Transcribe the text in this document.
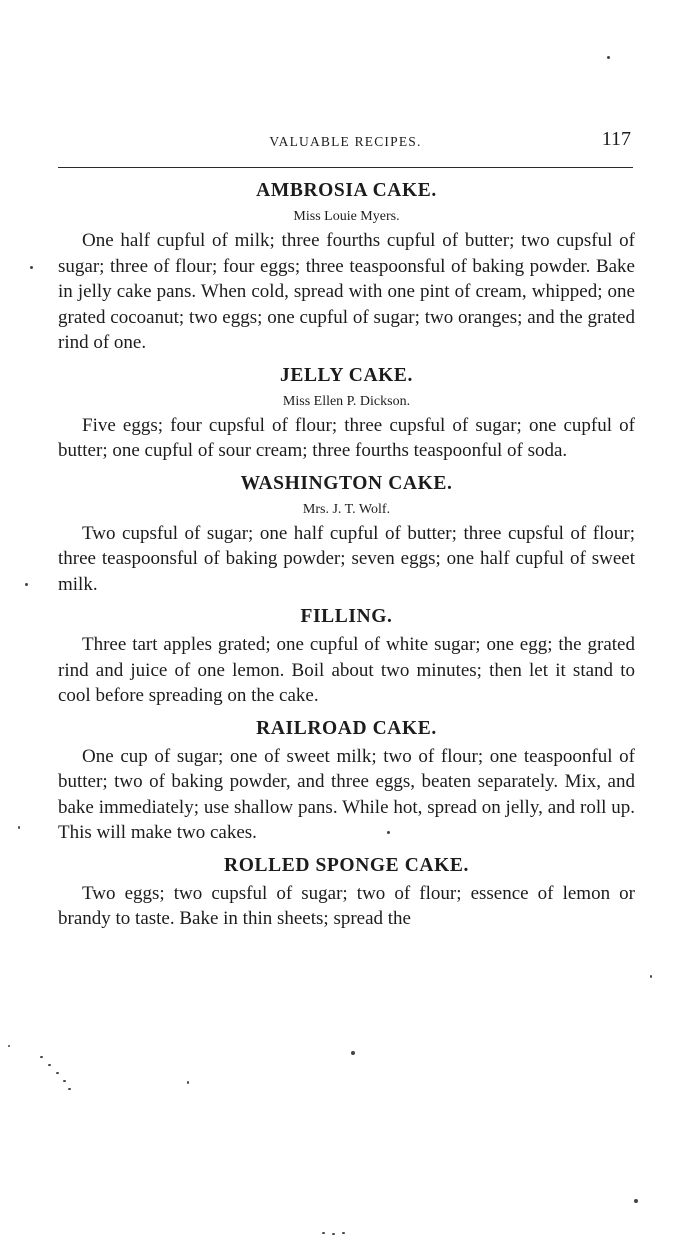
VALUABLE RECIPES.	117
AMBROSIA CAKE.

Miss Louie Myers.

One half cupful of milk; three fourths cupful of butter; two cupsful of sugar; three of flour; four eggs; three teaspoonsful of baking powder. Bake in jelly cake pans. When cold, spread with one pint of cream, whipped; one grated cocoanut; two eggs; one cupful of sugar; two oranges; and the grated rind of one.

JELLY CAKE.

Miss Ellen P. Dickson.

Five eggs; four cupsful of flour; three cupsful of sugar; one cupful of butter; one cupful of sour cream; three fourths teaspoonful of soda.

WASHINGTON CAKE.

Mrs. J. T. Wolf.

Two cupsful of sugar; one half cupful of butter; three cupsful of flour; three teaspoonsful of baking powder; seven eggs; one half cupful of sweet milk.

FILLING.

Three tart apples grated; one cupful of white sugar; one egg; the grated rind and juice of one lemon. Boil about two minutes; then let it stand to cool before spreading on the cake.

RAILROAD CAKE.

One cup of sugar; one of sweet milk; two of flour; one teaspoonful of butter; two of baking powder, and three eggs, beaten separately. Mix, and bake immediately; use shallow pans. While hot, spread on jelly, and roll up. This will make two cakes.

ROLLED SPONGE CAKE.

Two eggs; two cupsful of sugar; two of flour; essence of lemon or brandy to taste. Bake in thin sheets; spread the
